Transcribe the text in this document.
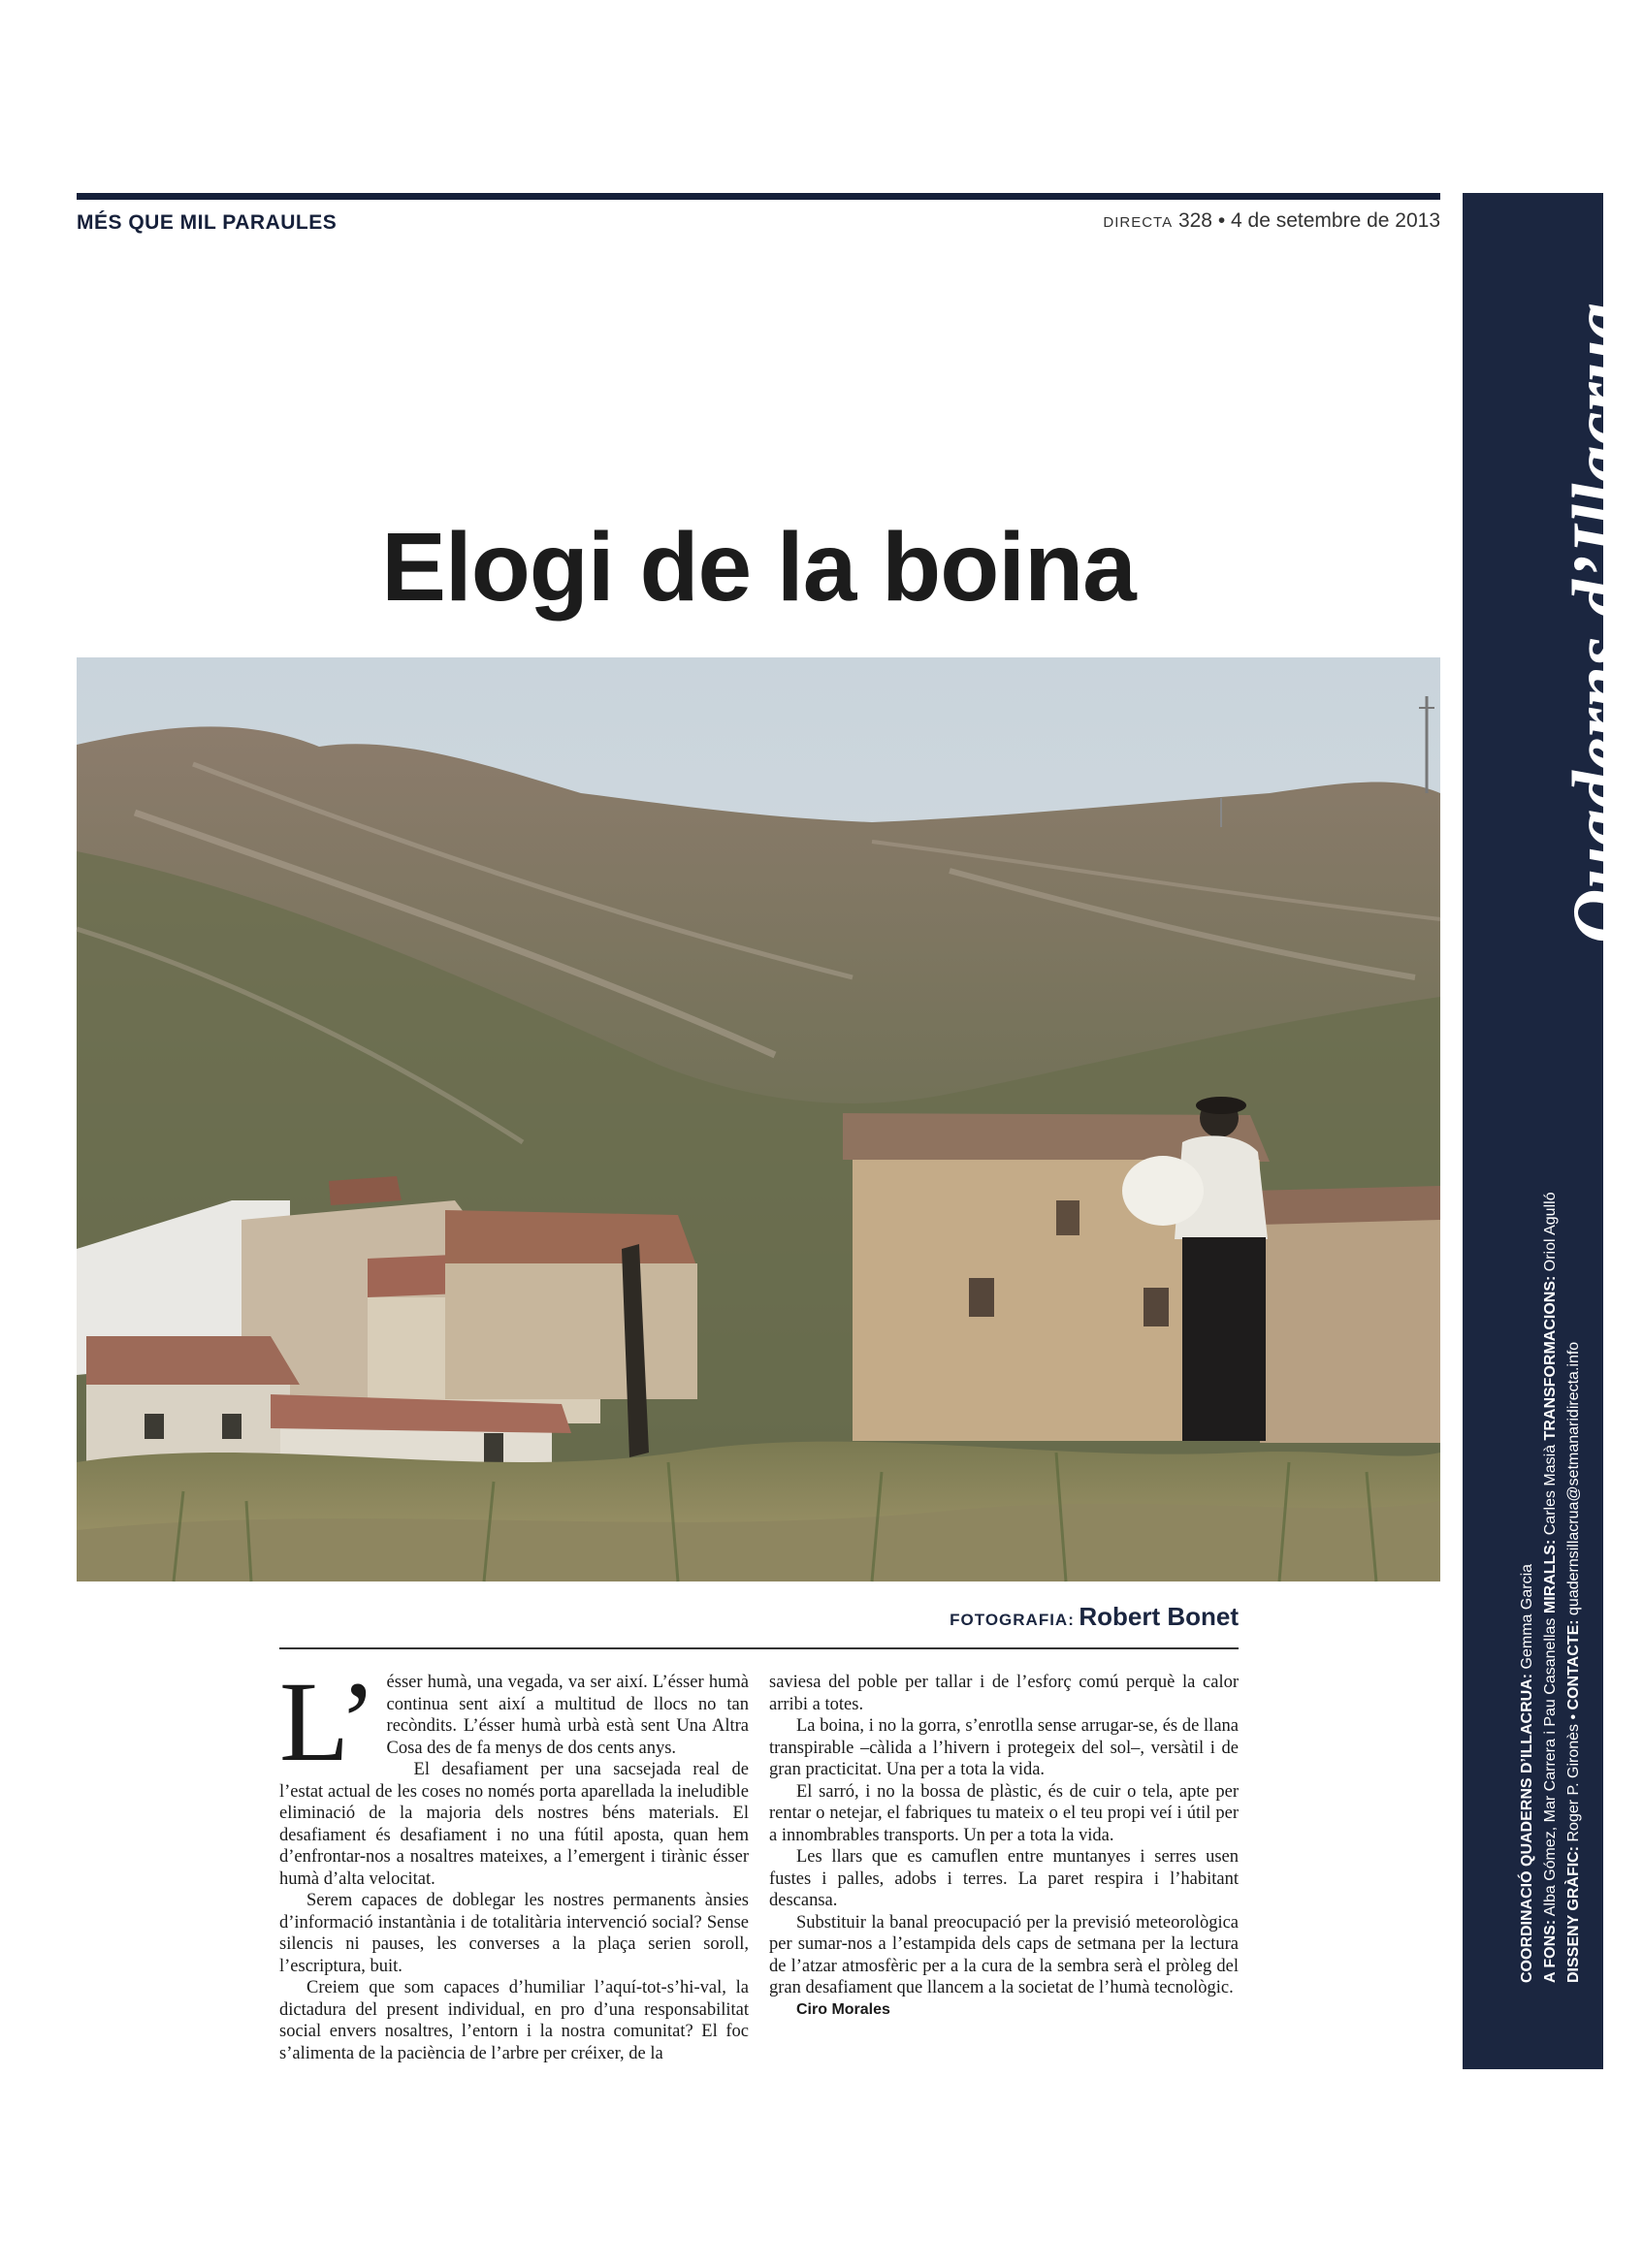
MÉS QUE MIL PARAULES	DIRECTA 328 • 4 de setembre de 2013
Quaderns d’Illacrua
COORDINACIÓ QUADERNS D’ILLACRUA: Gemma Garcia
A FONS: Alba Gómez, Mar Carrera i Pau Casanellas MIRALLS: Carles Masià TRANSFORMACIONS: Oriol Agulló
DISSENY GRÀFIC: Roger P. Gironès • CONTACTE: quadernsillacrua@setmanaridirecta.info
Elogi de la boina
FOTOGRAFIA: Robert Bonet

L’ ésser humà, una vegada, va ser així. L’ésser humà continua sent així a multitud de llocs no tan recòndits. L’ésser humà urbà està sent Una Altra Cosa des de fa menys de dos cents anys.

El desafiament per una sacsejada real de l’estat actual de les coses no només porta aparellada la ineludible eliminació de la majoria dels nostres béns materials. El desafiament és desafiament i no una fútil aposta, quan hem d’enfrontar-nos a nosaltres mateixes, a l’emergent i tirànic ésser humà d’alta velocitat.

Serem capaces de doblegar les nostres permanents ànsies d’informació instantània i de totalitària intervenció social? Sense silencis ni pauses, les converses a la plaça serien soroll, l’escriptura, buit.

Creiem que som capaces d’humiliar l’aquí-tot-s’hi-val, la dictadura del present individual, en pro d’una responsabilitat social envers nosaltres, l’entorn i la nostra comunitat? El foc s’alimenta de la paciència de l’arbre per créixer, de la

saviesa del poble per tallar i de l’esforç comú perquè la calor arribi a totes.

La boina, i no la gorra, s’enrotlla sense arrugar-se, és de llana transpirable –càlida a l’hivern i protegeix del sol–, versàtil i de gran practicitat. Una per a tota la vida.

El sarró, i no la bossa de plàstic, és de cuir o tela, apte per rentar o netejar, el fabriques tu mateix o el teu propi veí i útil per a innombrables transports. Un per a tota la vida.

Les llars que es camuflen entre muntanyes i serres usen fustes i palles, adobs i terres. La paret respira i l’habitant descansa.

Substituir la banal preocupació per la previsió meteorològica per sumar-nos a l’estampida dels caps de setmana per la lectura de l’atzar atmosfèric per a la cura de la sembra serà el pròleg del gran desafiament que llancem a la societat de l’humà tecnològic.

Ciro Morales
